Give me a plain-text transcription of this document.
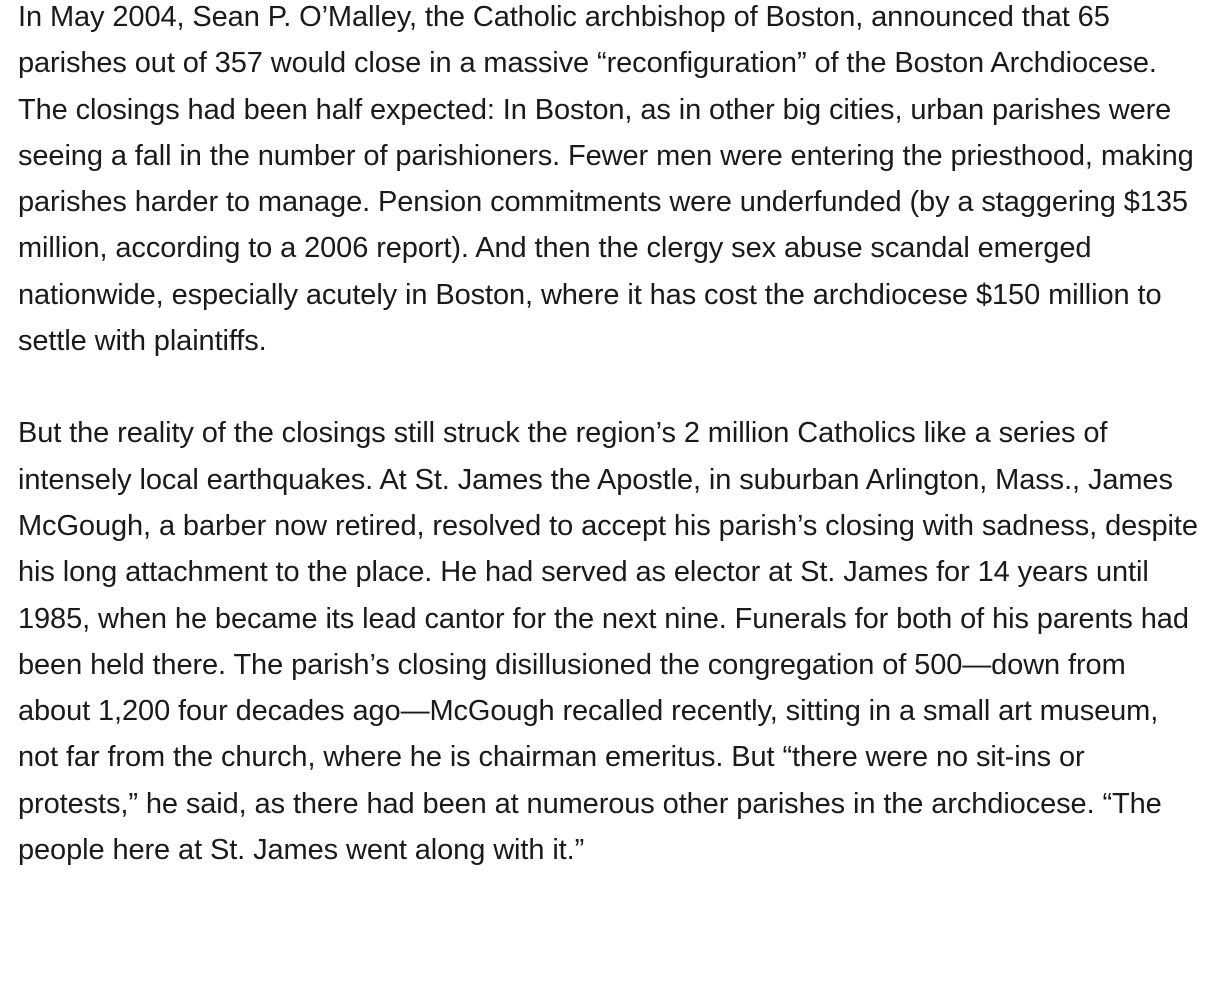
In May 2004, Sean P. O’Malley, the Catholic archbishop of Boston, announced that 65 parishes out of 357 would close in a massive “reconfiguration” of the Boston Archdiocese. The closings had been half expected: In Boston, as in other big cities, urban parishes were seeing a fall in the number of parishioners. Fewer men were entering the priesthood, making parishes harder to manage. Pension commitments were underfunded (by a staggering $135 million, according to a 2006 report). And then the clergy sex abuse scandal emerged nationwide, especially acutely in Boston, where it has cost the archdiocese $150 million to settle with plaintiffs.

But the reality of the closings still struck the region’s 2 million Catholics like a series of intensely local earthquakes. At St. James the Apostle, in suburban Arlington, Mass., James McGough, a barber now retired, resolved to accept his parish’s closing with sadness, despite his long attachment to the place. He had served as elector at St. James for 14 years until 1985, when he became its lead cantor for the next nine. Funerals for both of his parents had been held there. The parish’s closing disillusioned the congregation of 500—down from about 1,200 four decades ago—McGough recalled recently, sitting in a small art museum, not far from the church, where he is chairman emeritus. But “there were no sit-ins or protests,” he said, as there had been at numerous other parishes in the archdiocese. “The people here at St. James went along with it.”
